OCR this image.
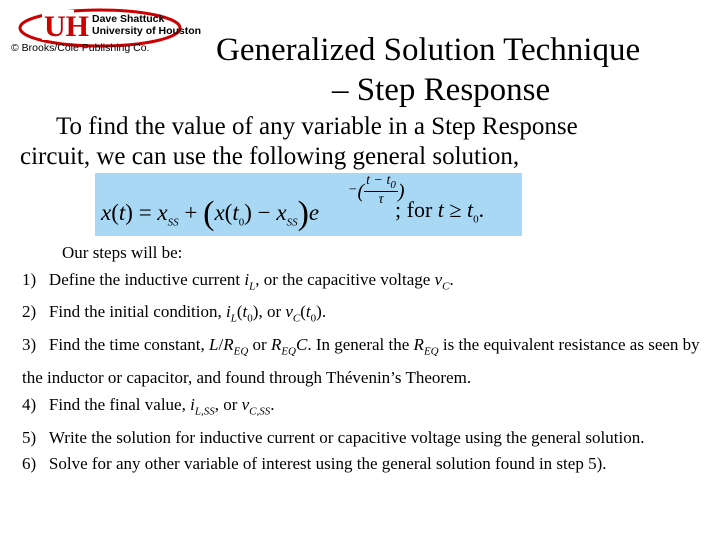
UH Dave Shattuck
University of Houston
© Brooks/Cole Publishing Co.	Generalized Solution Technique
– Step Response
To find the value of any variable in a Step Response
circuit, we can use the following general solution,
$x(t) = x_{SS} + (x(t_0) - x_{SS})e$
−( $\frac{t - t_0}{\tau}$ )
; for $t \ge t_0$.

Our steps will be:

1) Define the inductive current $i_L$, or the capacitive voltage $v_C$.

2) Find the initial condition, $i_L(t_0)$, or $v_C(t_0)$.

3) Find the time constant, $L/R_{EQ}$ or $R_{EQ}C$. In general the $R_{EQ}$ is the equivalent resistance as seen by the inductor or capacitor, and found through Thévenin’s Theorem.

4) Find the final value, $i_{L,SS}$, or $v_{C,SS}$.

5) Write the solution for inductive current or capacitive voltage using the general solution.

6) Solve for any other variable of interest using the general solution found in step 5).
